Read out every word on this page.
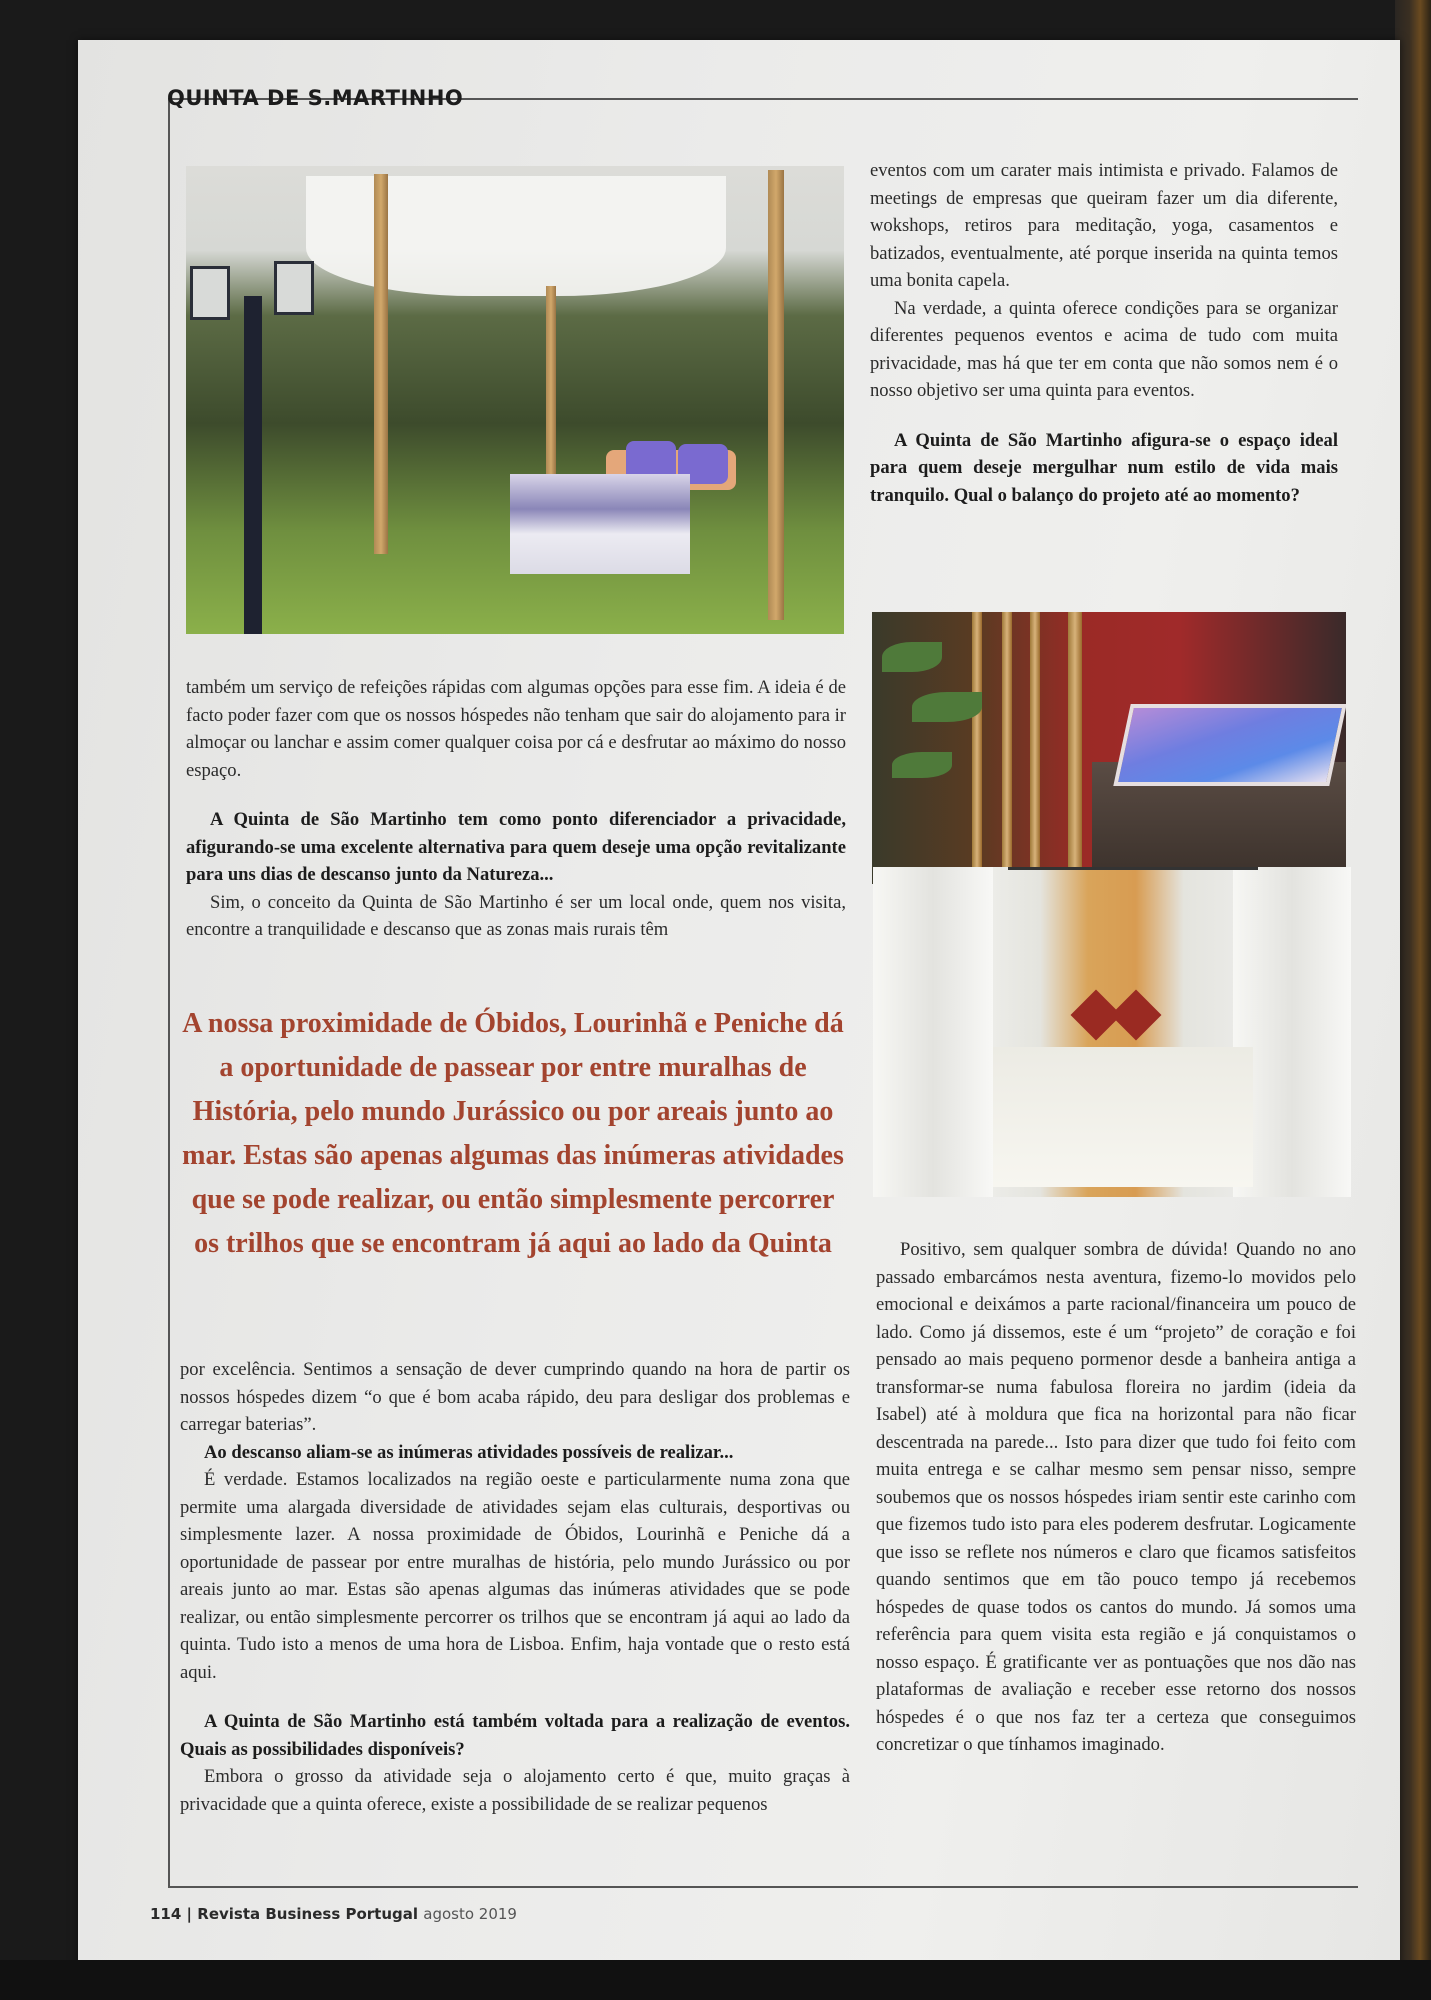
QUINTA DE S.MARTINHO

também um serviço de refeições rápidas com algumas opções para esse fim. A ideia é de facto poder fazer com que os nossos hóspedes não tenham que sair do alojamento para ir almoçar ou lanchar e assim comer qualquer coisa por cá e desfrutar ao máximo do nosso espaço.

A Quinta de São Martinho tem como ponto diferenciador a privacidade, afigurando-se uma excelente alternativa para quem deseje uma opção revitalizante para uns dias de descanso junto da Natureza...

Sim, o conceito da Quinta de São Martinho é ser um local onde, quem nos visita, encontre a tranquilidade e descanso que as zonas mais rurais têm

A nossa proximidade de Óbidos, Lourinhã e Peniche dá a oportunidade de passear por entre muralhas de História, pelo mundo Jurássico ou por areais junto ao mar. Estas são apenas algumas das inúmeras atividades que se pode realizar, ou então simplesmente percorrer os trilhos que se encontram já aqui ao lado da Quinta

por excelência. Sentimos a sensação de dever cumprindo quando na hora de partir os nossos hóspedes dizem “o que é bom acaba rápido, deu para desligar dos problemas e carregar baterias”.

Ao descanso aliam-se as inúmeras atividades possíveis de realizar...

É verdade. Estamos localizados na região oeste e particularmente numa zona que permite uma alargada diversidade de atividades sejam elas culturais, desportivas ou simplesmente lazer. A nossa proximidade de Óbidos, Lourinhã e Peniche dá a oportunidade de passear por entre muralhas de história, pelo mundo Jurássico ou por areais junto ao mar. Estas são apenas algumas das inúmeras atividades que se pode realizar, ou então simplesmente percorrer os trilhos que se encontram já aqui ao lado da quinta. Tudo isto a menos de uma hora de Lisboa. Enfim, haja vontade que o resto está aqui.

A Quinta de São Martinho está também voltada para a realização de eventos. Quais as possibilidades disponíveis?

Embora o grosso da atividade seja o alojamento certo é que, muito graças à privacidade que a quinta oferece, existe a possibilidade de se realizar pequenos

eventos com um carater mais intimista e privado. Falamos de meetings de empresas que queiram fazer um dia diferente, wokshops, retiros para meditação, yoga, casamentos e batizados, eventualmente, até porque inserida na quinta temos uma bonita capela.

Na verdade, a quinta oferece condições para se organizar diferentes pequenos eventos e acima de tudo com muita privacidade, mas há que ter em conta que não somos nem é o nosso objetivo ser uma quinta para eventos.

A Quinta de São Martinho afigura-se o espaço ideal para quem deseje mergulhar num estilo de vida mais tranquilo. Qual o balanço do projeto até ao momento?

Positivo, sem qualquer sombra de dúvida! Quando no ano passado embarcámos nesta aventura, fizemo-lo movidos pelo emocional e deixámos a parte racional/financeira um pouco de lado. Como já dissemos, este é um “projeto” de coração e foi pensado ao mais pequeno pormenor desde a banheira antiga a transformar-se numa fabulosa floreira no jardim (ideia da Isabel) até à moldura que fica na horizontal para não ficar descentrada na parede... Isto para dizer que tudo foi feito com muita entrega e se calhar mesmo sem pensar nisso, sempre soubemos que os nossos hóspedes iriam sentir este carinho com que fizemos tudo isto para eles poderem desfrutar. Logicamente que isso se reflete nos números e claro que ficamos satisfeitos quando sentimos que em tão pouco tempo já recebemos hóspedes de quase todos os cantos do mundo. Já somos uma referência para quem visita esta região e já conquistamos o nosso espaço. É gratificante ver as pontuações que nos dão nas plataformas de avaliação e receber esse retorno dos nossos hóspedes é o que nos faz ter a certeza que conseguimos concretizar o que tínhamos imaginado.

114 | Revista Business Portugal agosto 2019
